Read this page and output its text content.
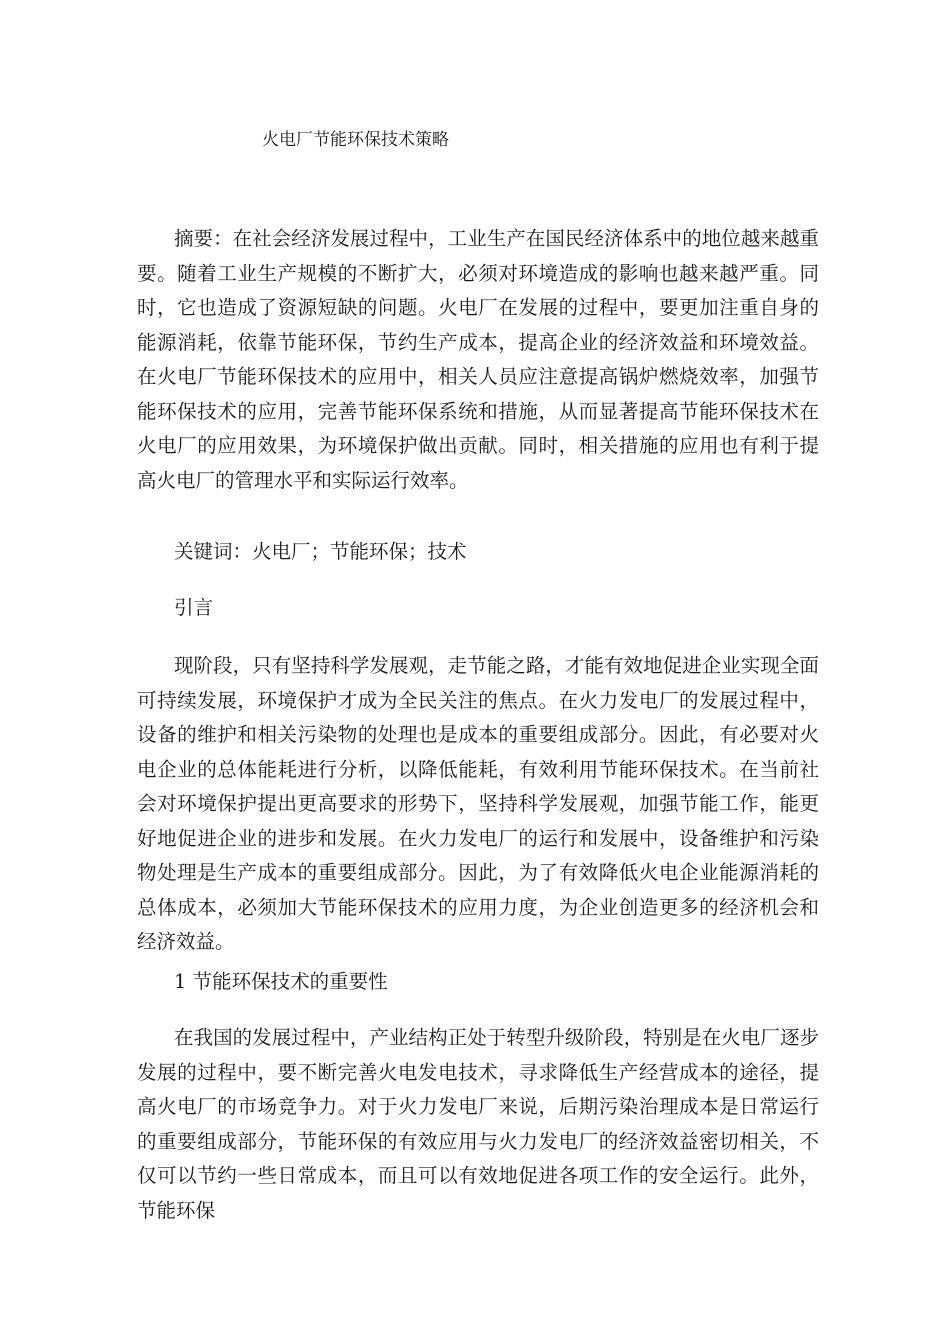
火电厂节能环保技术策略

摘要：在社会经济发展过程中，工业生产在国民经济体系中的地位越来越重要。随着工业生产规模的不断扩大，必须对环境造成的影响也越来越严重。同时，它也造成了资源短缺的问题。火电厂在发展的过程中，要更加注重自身的能源消耗，依靠节能环保，节约生产成本，提高企业的经济效益和环境效益。在火电厂节能环保技术的应用中，相关人员应注意提高锅炉燃烧效率，加强节能环保技术的应用，完善节能环保系统和措施，从而显著提高节能环保技术在火电厂的应用效果，为环境保护做出贡献。同时，相关措施的应用也有利于提高火电厂的管理水平和实际运行效率。

关键词：火电厂；节能环保；技术

引言

现阶段，只有坚持科学发展观，走节能之路，才能有效地促进企业实现全面可持续发展，环境保护才成为全民关注的焦点。在火力发电厂的发展过程中，设备的维护和相关污染物的处理也是成本的重要组成部分。因此，有必要对火电企业的总体能耗进行分析，以降低能耗，有效利用节能环保技术。在当前社会对环境保护提出更高要求的形势下，坚持科学发展观，加强节能工作，能更好地促进企业的进步和发展。在火力发电厂的运行和发展中，设备维护和污染物处理是生产成本的重要组成部分。因此，为了有效降低火电企业能源消耗的总体成本，必须加大节能环保技术的应用力度，为企业创造更多的经济机会和经济效益。

1 节能环保技术的重要性

在我国的发展过程中，产业结构正处于转型升级阶段，特别是在火电厂逐步发展的过程中，要不断完善火电发电技术，寻求降低生产经营成本的途径，提高火电厂的市场竞争力。对于火力发电厂来说，后期污染治理成本是日常运行的重要组成部分，节能环保的有效应用与火力发电厂的经济效益密切相关，不仅可以节约一些日常成本，而且可以有效地促进各项工作的安全运行。此外，节能环保
